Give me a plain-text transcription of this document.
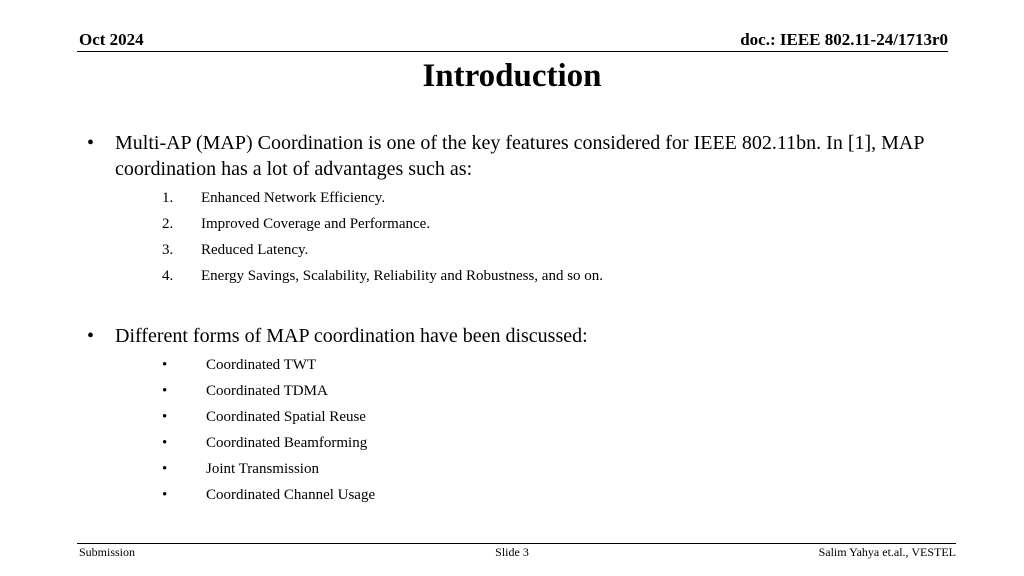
Oct 2024	doc.: IEEE 802.11-24/1713r0
Introduction
• Multi-AP (MAP) Coordination is one of the key features considered for IEEE 802.11bn. In [1], MAP coordination has a lot of advantages such as:
1. Enhanced Network Efficiency.
2. Improved Coverage and Performance.
3. Reduced Latency.
4. Energy Savings, Scalability, Reliability and Robustness, and so on.
• Different forms of MAP coordination have been discussed:
•	Coordinated TWT
•	Coordinated TDMA
•	Coordinated Spatial Reuse
•	Coordinated Beamforming
•	Joint Transmission
•	Coordinated Channel Usage
Submission	Slide 3	Salim Yahya et.al., VESTEL
